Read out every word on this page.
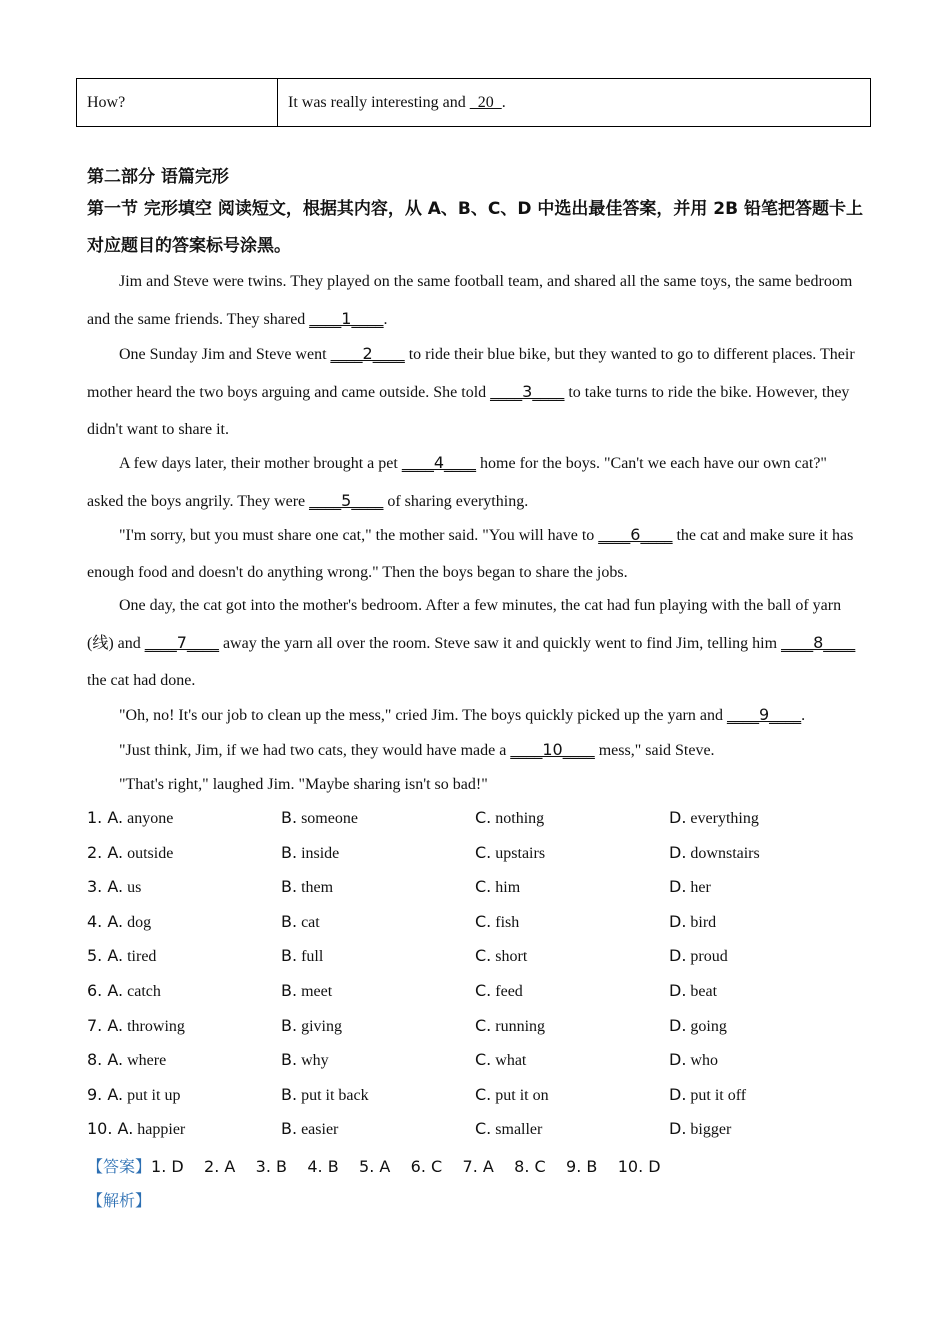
How?	It was really interesting and   20  .
第二部分 语篇完形
第一节 完形填空 阅读短文，根据其内容，从 A、B、C、D 中选出最佳答案，并用 2B 铅笔把答题卡上对应题目的答案标号涂黑。
Jim and Steve were twins. They played on the same football team, and shared all the same toys, the same bedroom and the same friends. They shared ____1____.
One Sunday Jim and Steve went ____2____ to ride their blue bike, but they wanted to go to different places. Their mother heard the two boys arguing and came outside. She told ____3____ to take turns to ride the bike. However, they didn't want to share it.
A few days later, their mother brought a pet ____4____ home for the boys. "Can't we each have our own cat?" asked the boys angrily. They were ____5____ of sharing everything.
"I'm sorry, but you must share one cat," the mother said. "You will have to ____6____ the cat and make sure it has enough food and doesn't do anything wrong." Then the boys began to share the jobs.
One day, the cat got into the mother's bedroom. After a few minutes, the cat had fun playing with the ball of yarn (线) and ____7____ away the yarn all over the room. Steve saw it and quickly went to find Jim, telling him ____8____ the cat had done.
"Oh, no! It's our job to clean up the mess," cried Jim. The boys quickly picked up the yarn and ____9____.
"Just think, Jim, if we had two cats, they would have made a ____10____ mess," said Steve.
"That's right," laughed Jim. "Maybe sharing isn't so bad!"
1. A. anyone	B. someone	C. nothing	D. everything
2. A. outside	B. inside	C. upstairs	D. downstairs
3. A. us	B. them	C. him	D. her
4. A. dog	B. cat	C. fish	D. bird
5. A. tired	B. full	C. short	D. proud
6. A. catch	B. meet	C. feed	D. beat
7. A. throwing	B. giving	C. running	D. going
8. A. where	B. why	C. what	D. who
9. A. put it up	B. put it back	C. put it on	D. put it off
10. A. happier	B. easier	C. smaller	D. bigger
【答案】1. D    2. A    3. B    4. B    5. A    6. C    7. A    8. C    9. B    10. D
【解析】
